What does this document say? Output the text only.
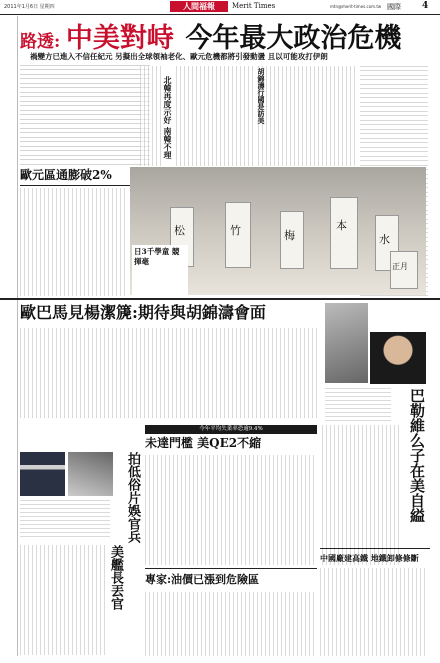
2011年1月6日 星期四	人間福報	Merit Times	mtn@merit-times.com.tw 國際 4
路透: 中美對峙 今年最大政治危機
禍變方已進入不信任紀元 另擬出全球領袖老化、歐元危機都將引發動盪 且以可能攻打伊朗
北韓再度示好 南韓不理	胡錦濤行國是訪美
歐元區通膨破2%
松	竹	梅
本
水
正月
日3千學童 競揮毫
歐巴馬見楊潔篪:期待與胡錦濤會面
巴勒維么子在美自縊
拍低俗片娛官兵
美艦長丟官
今年平均失業率恐逾9.4%
未達門檻 美QE2不縮
中國廠建高鐵 地鐵卸條條斷
專家:油價已漲到危險區
